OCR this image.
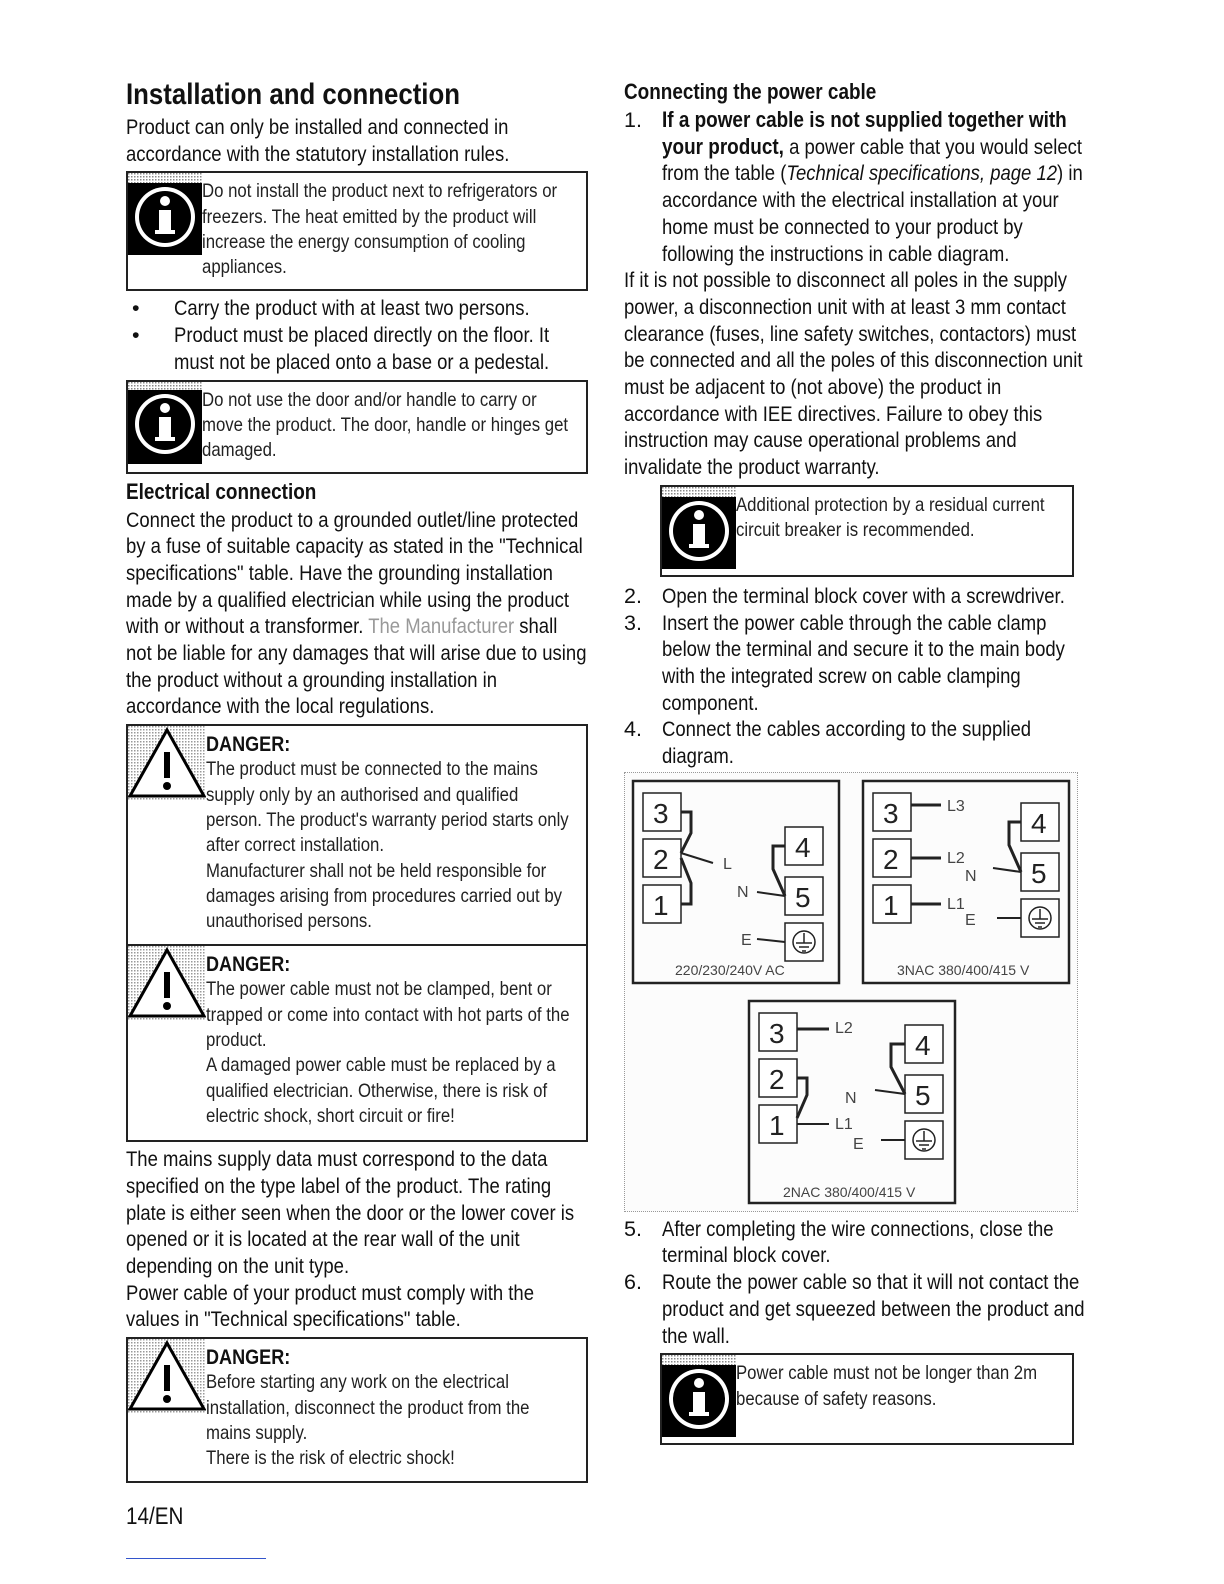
Installation and connection

Product can only be installed and connected in accordance with the statutory installation rules.

Do not install the product next to refrigerators or freezers. The heat emitted by the product will increase the energy consumption of cooling appliances.
• Carry the product with at least two persons.
• Product must be placed directly on the floor. It must not be placed onto a base or a pedestal.
Do not use the door and/or handle to carry or move the product. The door, handle or hinges get damaged.
Electrical connection

Connect the product to a grounded outlet/line protected by a fuse of suitable capacity as stated in the "Technical specifications" table. Have the grounding installation made by a qualified electrician while using the product with or without a transformer. The Manufacturer shall not be liable for any damages that will arise due to using the product without a grounding installation in accordance with the local regulations.

DANGER:
The product must be connected to the mains supply only by an authorised and qualified person. The product's warranty period starts only after correct installation.
Manufacturer shall not be held responsible for damages arising from procedures carried out by unauthorised persons.
DANGER:
The power cable must not be clamped, bent or trapped or come into contact with hot parts of the product.
A damaged power cable must be replaced by a qualified electrician. Otherwise, there is risk of electric shock, short circuit or fire!

The mains supply data must correspond to the data specified on the type label of the product. The rating plate is either seen when the door or the lower cover is opened or it is located at the rear wall of the unit depending on the unit type.

Power cable of your product must comply with the values in "Technical specifications" table.

DANGER:
Before starting any work on the electrical installation, disconnect the product from the mains supply.
There is the risk of electric shock!
Connecting the power cable
1. If a power cable is not supplied together with your product, a power cable that you would select from the table (Technical specifications, page 12) in accordance with the electrical installation at your home must be connected to your product by following the instructions in cable diagram.

If it is not possible to disconnect all poles in the supply power, a disconnection unit with at least 3 mm contact clearance (fuses, line safety switches, contactors) must be connected and all the poles of this disconnection unit must be adjacent to (not above) the product in accordance with IEE directives. Failure to obey this instruction may cause operational problems and invalidate the product warranty.

Additional protection by a residual current circuit breaker is recommended.
2. Open the terminal block cover with a screwdriver.
3. Insert the power cable through the cable clamp below the terminal and secure it to the main body with the integrated screw on cable clamping component.
4. Connect the cables according to the supplied diagram.
3
2
1
4
5
L
N
E
220/230/240V AC
3
2
1
4
5
L3
L2
L1
N
E
3NAC 380/400/415 V
3
2
1
4
5
L2
N
L1
E
2NAC 380/400/415 V
5. After completing the wire connections, close the terminal block cover.
6. Route the power cable so that it will not contact the product and get squeezed between the product and the wall.
Power cable must not be longer than 2m because of safety reasons.
14/EN
